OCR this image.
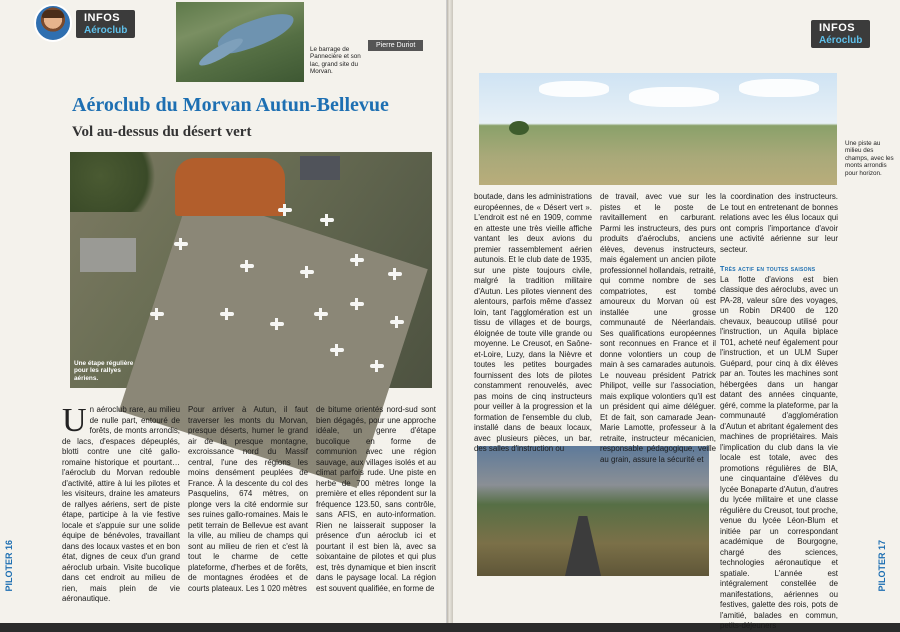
INFOS
Aéroclub
Le barrage de Pannecière et son lac, grand site du Morvan.
Pierre Duriot
Aéroclub du Morvan Autun-Bellevue
Vol au-dessus du désert vert
Une étape régulière pour les rallyes aériens.
U n aéroclub rare, au milieu de nulle part, entouré de forêts, de monts arrondis, de lacs, d'espaces dépeuplés, blotti contre une cité gallo-romaine historique et pourtant… l'aéroclub du Morvan redouble d'activité, attire à lui les pilotes et les visiteurs, draine les amateurs de rallyes aériens, sert de piste étape, participe à la vie festive locale et s'appuie sur une solide équipe de bénévoles, travaillant dans des locaux vastes et en bon état, dignes de ceux d'un grand aéroclub urbain. Visite bucolique dans cet endroit au milieu de rien, mais plein de vie aéronautique.

Pour arriver à Autun, il faut traverser les monts du Morvan, presque déserts, humer le grand air de la presque montagne, excroissance nord du Massif central, l'une des régions les moins densément peuplées de France. À la descente du col des Pasquelins, 674 mètres, on plonge vers la cité endormie sur ses ruines gallo-romaines. Mais le petit terrain de Bellevue est avant la ville, au milieu de champs qui sont au milieu de rien et c'est là tout le charme de cette plateforme, d'herbes et de forêts, de montagnes érodées et de courts plateaux. Les 1 020 mètres

de bitume orientés nord-sud sont bien dégagés, pour une approche idéale, un genre d'étape bucolique en forme de communion avec une région sauvage, aux villages isolés et au climat parfois rude. Une piste en herbe de 700 mètres longe la première et elles répondent sur la fréquence 123.50, sans contrôle, sans AFIS, en auto-information. Rien ne laisserait supposer la présence d'un aéroclub ici et pourtant il est bien là, avec sa soixantaine de pilotes et qui plus est, très dynamique et bien inscrit dans le paysage local. La région est souvent qualifiée, en forme de

PILOTER 16
INFOS
Aéroclub
PILOTER 17
Une piste au milieu des champs, avec les monts arrondis pour horizon.

boutade, dans les administrations européennes, de « Désert vert ». L'endroit est né en 1909, comme en atteste une très vieille affiche vantant les deux avions du premier rassemblement aérien autunois. Et le club date de 1935, sur une piste toujours civile, malgré la tradition militaire d'Autun. Les pilotes viennent des alentours, parfois même d'assez loin, tant l'agglomération est un tissu de villages et de bourgs, éloignée de toute ville grande ou moyenne. Le Creusot, en Saône-et-Loire, Luzy, dans la Nièvre et toutes les petites bourgades fournissent des lots de pilotes constamment renouvelés, avec pas moins de cinq instructeurs pour veiller à la progression et la formation de l'ensemble du club, installé dans de beaux locaux, avec plusieurs pièces, un bar, des salles d'instruction ou

de travail, avec vue sur les pistes et le poste de ravitaillement en carburant. Parmi les instructeurs, des purs produits d'aéroclubs, anciens élèves, devenus instructeurs, mais également un ancien pilote professionnel hollandais, retraité, qui comme nombre de ses compatriotes, est tombé amoureux du Morvan où est installée une grosse communauté de Néerlandais. Ses qualifications européennes sont reconnues en France et il donne volontiers un coup de main à ses camarades autunois. Le nouveau président Patrick Philipot, veille sur l'association, mais explique volontiers qu'il est un président qui aime déléguer. Et de fait, son camarade Jean-Marie Lamotte, professeur à la retraite, instructeur mécanicien, responsable pédagogique, veille au grain, assure la sécurité et

la coordination des instructeurs. Le tout en entretenant de bonnes relations avec les élus locaux qui ont compris l'importance d'avoir une activité aérienne sur leur secteur.

Très actif en toutes saisons

La flotte d'avions est bien classique des aéroclubs, avec un PA-28, valeur sûre des voyages, un Robin DR400 de 120 chevaux, beaucoup utilisé pour l'instruction, un Aquila biplace T01, acheté neuf également pour l'instruction, et un ULM Super Guépard, pour cinq à dix élèves par an. Toutes les machines sont hébergées dans un hangar datant des années cinquante, géré, comme la plateforme, par la communauté d'agglomération d'Autun et abritant également des machines de propriétaires. Mais l'implication du club dans la vie locale est totale, avec des promotions régulières de BIA, une cinquantaine d'élèves du lycée Bonaparte d'Autun, d'autres du lycée militaire et une classe régulière du Creusot, tout proche, venue du lycée Léon-Blum et initiée par un correspondant académique de Bourgogne, chargé des sciences, technologies aéronautique et spatiale. L'année est intégralement constellée de manifestations, aériennes ou festives, galette des rois, pots de l'amitié, balades en commun, petits-déjeuners
